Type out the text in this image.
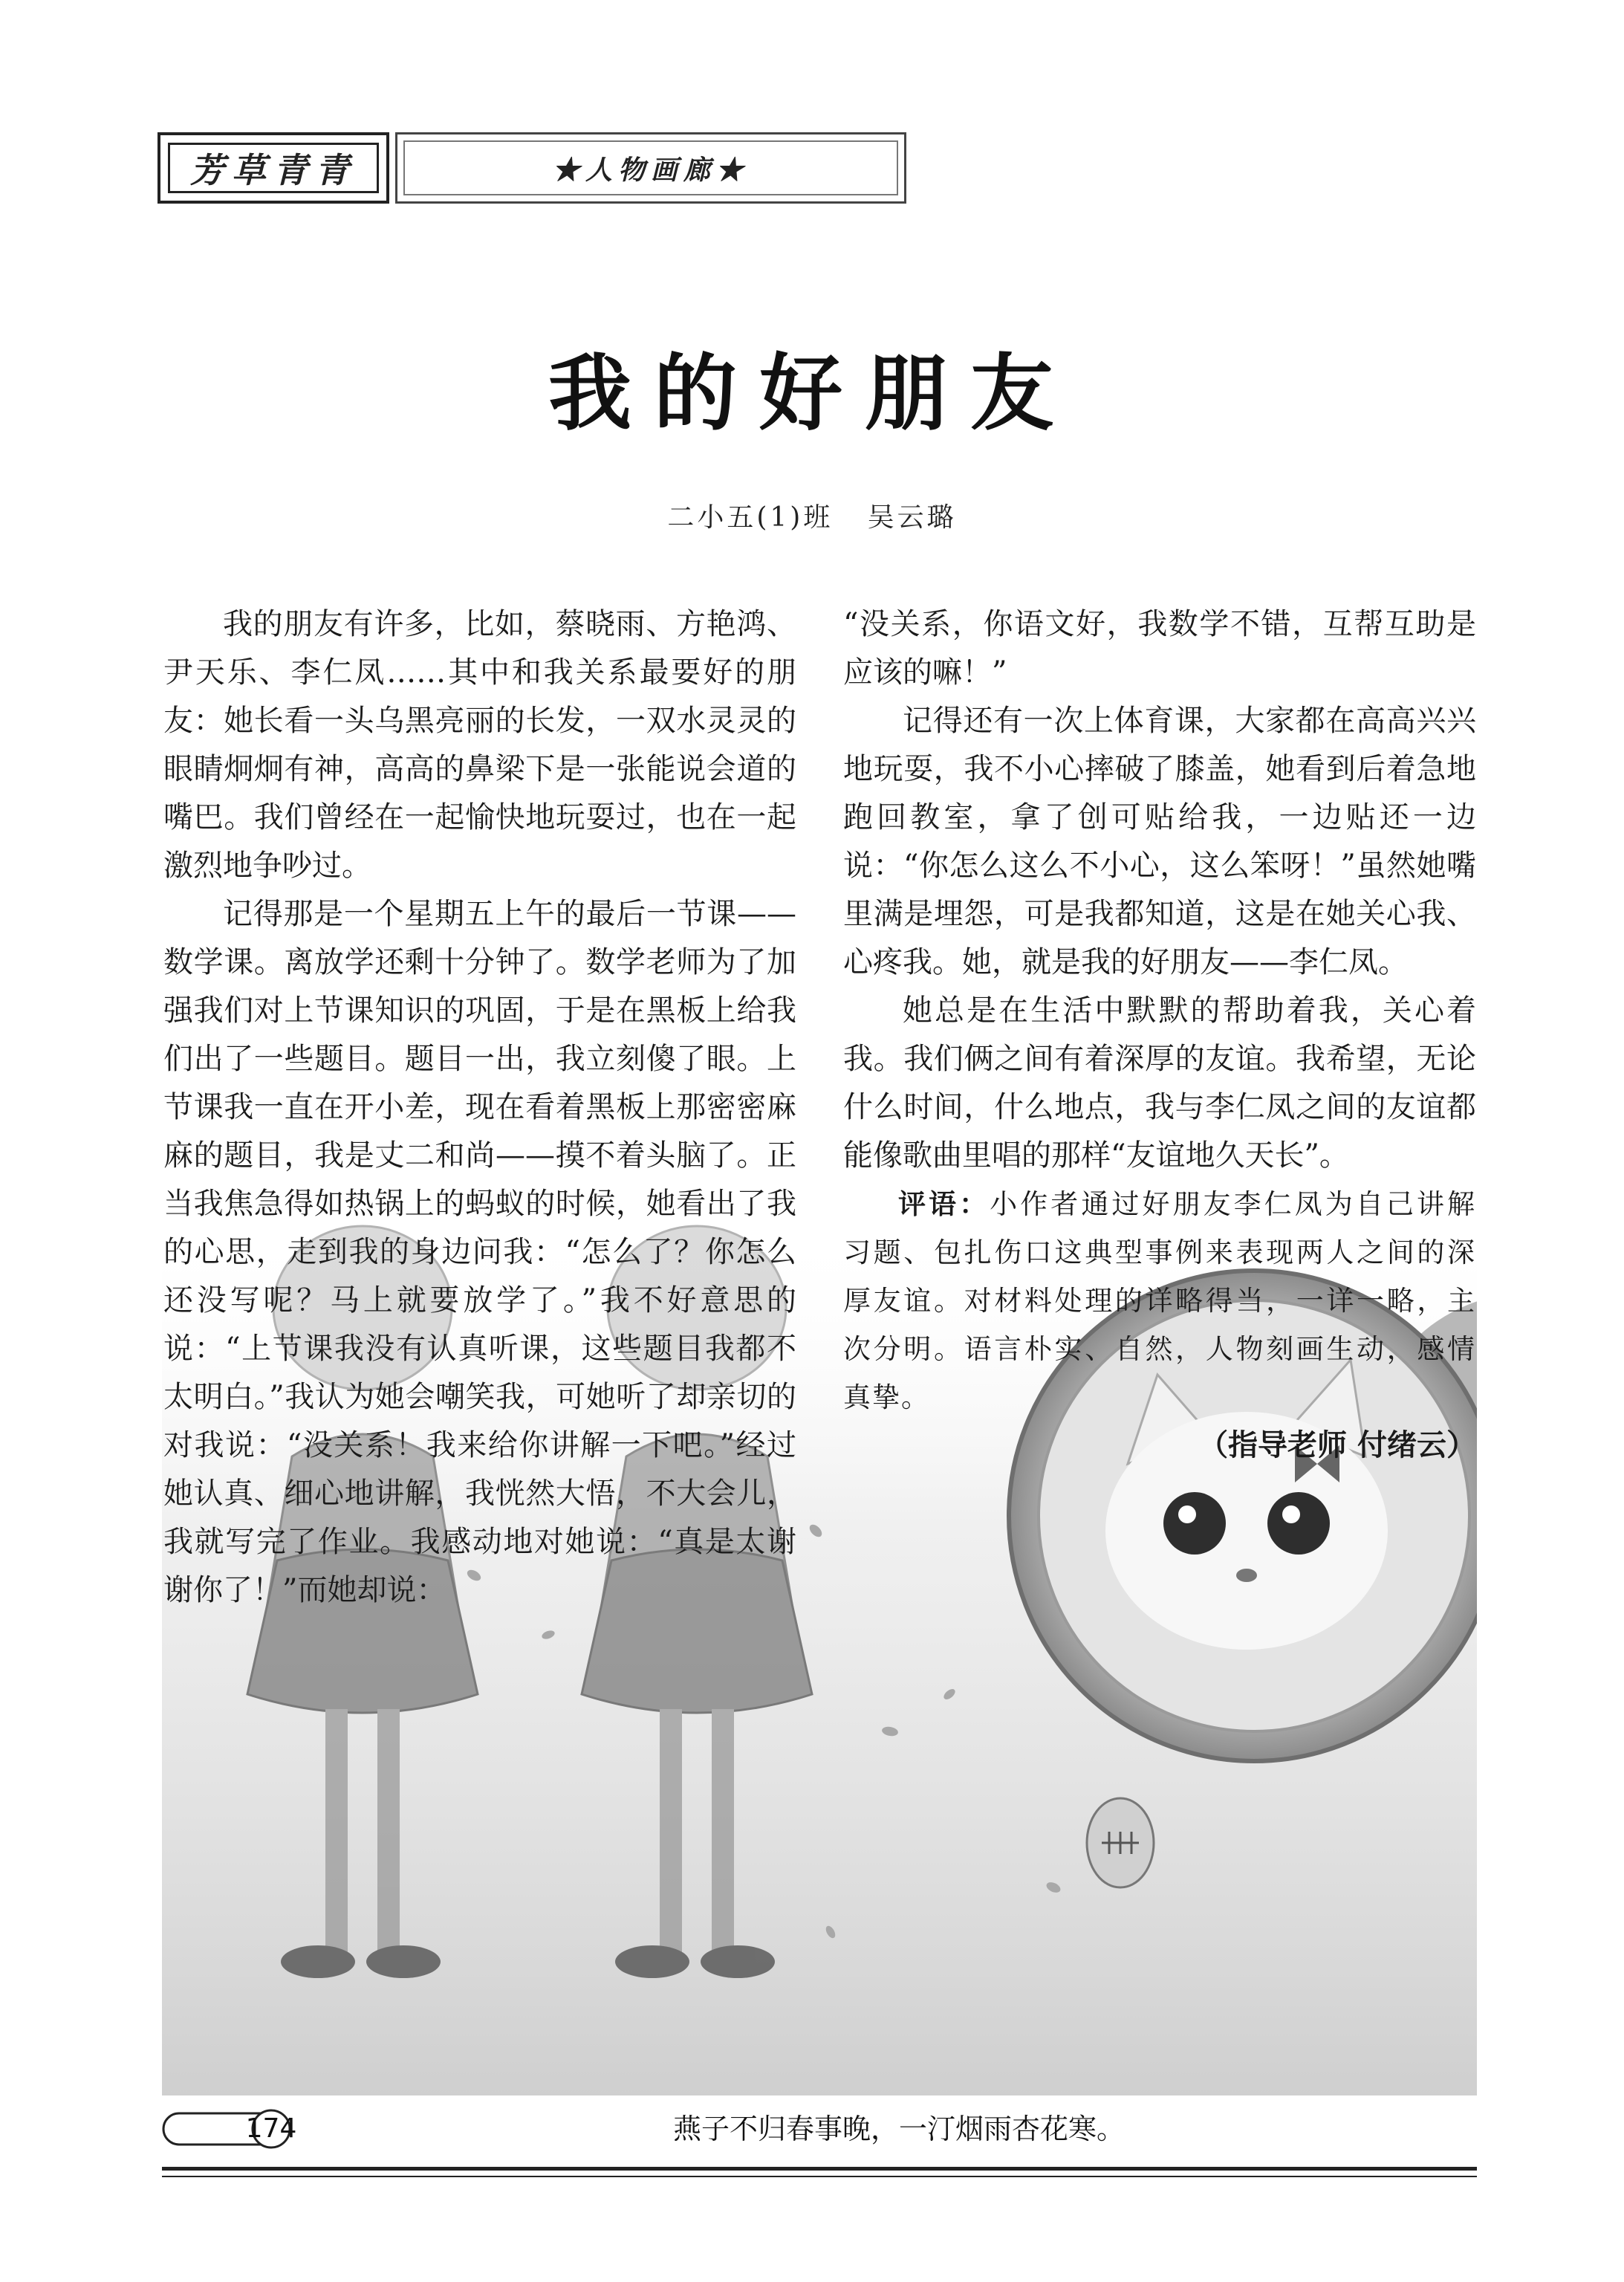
芳草青青	★人物画廊★
我的好朋友
二小五(1)班   吴云璐

我的朋友有许多，比如，蔡晓雨、方艳鸿、尹天乐、李仁凤……其中和我关系最要好的朋友：她长看一头乌黑亮丽的长发，一双水灵灵的眼睛炯炯有神，高高的鼻梁下是一张能说会道的嘴巴。我们曾经在一起愉快地玩耍过，也在一起激烈地争吵过。

记得那是一个星期五上午的最后一节课——数学课。离放学还剩十分钟了。数学老师为了加强我们对上节课知识的巩固，于是在黑板上给我们出了一些题目。题目一出，我立刻傻了眼。上节课我一直在开小差，现在看着黑板上那密密麻麻的题目，我是丈二和尚——摸不着头脑了。正当我焦急得如热锅上的蚂蚁的时候，她看出了我的心思，走到我的身边问我：“怎么了？你怎么还没写呢？马上就要放学了。”我不好意思的说：“上节课我没有认真听课，这些题目我都不太明白。”我认为她会嘲笑我，可她听了却亲切的对我说：“没关系！我来给你讲解一下吧。”经过她认真、细心地讲解，我恍然大悟，不大会儿，我就写完了作业。我感动地对她说：“真是太谢谢你了！”而她却说：

“没关系，你语文好，我数学不错，互帮互助是应该的嘛！”

记得还有一次上体育课，大家都在高高兴兴地玩耍，我不小心摔破了膝盖，她看到后着急地跑回教室，拿了创可贴给我，一边贴还一边说：“你怎么这么不小心，这么笨呀！”虽然她嘴里满是埋怨，可是我都知道，这是在她关心我、心疼我。她，就是我的好朋友——李仁凤。

她总是在生活中默默的帮助着我，关心着我。我们俩之间有着深厚的友谊。我希望，无论什么时间，什么地点，我与李仁凤之间的友谊都能像歌曲里唱的那样“友谊地久天长”。

评语：小作者通过好朋友李仁凤为自己讲解习题、包扎伤口这典型事例来表现两人之间的深厚友谊。对材料处理的详略得当，一详一略，主次分明。语言朴实、自然，人物刻画生动，感情真挚。

（指导老师 付绪云）

174	燕子不归春事晚，一汀烟雨杏花寒。
